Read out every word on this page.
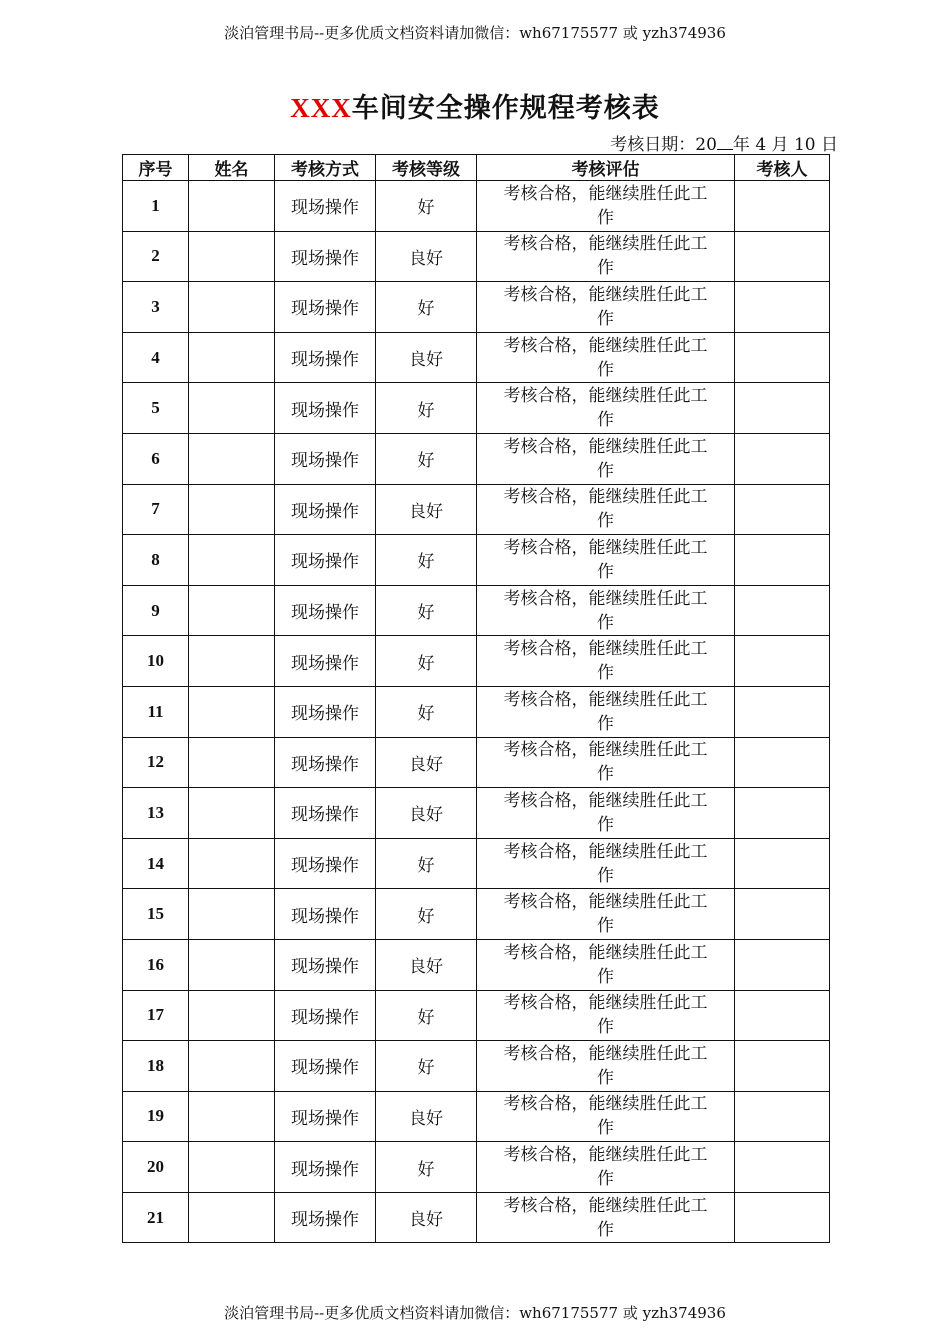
淡泊管理书局--更多优质文档资料请加微信：wh67175577 或 yzh374936
XXX车间安全操作规程考核表
考核日期：20 年 4 月 10 日
序号	姓名	考核方式	考核等级	考核评估	考核人
1		现场操作	好	考核合格，能继续胜任此工
作	

2		现场操作	良好	考核合格，能继续胜任此工
作	

3		现场操作	好	考核合格，能继续胜任此工
作	

4		现场操作	良好	考核合格，能继续胜任此工
作	

5		现场操作	好	考核合格，能继续胜任此工
作	

6		现场操作	好	考核合格，能继续胜任此工
作	

7		现场操作	良好	考核合格，能继续胜任此工
作	

8		现场操作	好	考核合格，能继续胜任此工
作	

9		现场操作	好	考核合格，能继续胜任此工
作	

10		现场操作	好	考核合格，能继续胜任此工
作	

11		现场操作	好	考核合格，能继续胜任此工
作	

12		现场操作	良好	考核合格，能继续胜任此工
作	

13		现场操作	良好	考核合格，能继续胜任此工
作	

14		现场操作	好	考核合格，能继续胜任此工
作	

15		现场操作	好	考核合格，能继续胜任此工
作	

16		现场操作	良好	考核合格，能继续胜任此工
作	

17		现场操作	好	考核合格，能继续胜任此工
作	

18		现场操作	好	考核合格，能继续胜任此工
作	

19		现场操作	良好	考核合格，能继续胜任此工
作	

20		现场操作	好	考核合格，能继续胜任此工
作	

21		现场操作	良好	考核合格，能继续胜任此工
作	

淡泊管理书局--更多优质文档资料请加微信：wh67175577 或 yzh374936
